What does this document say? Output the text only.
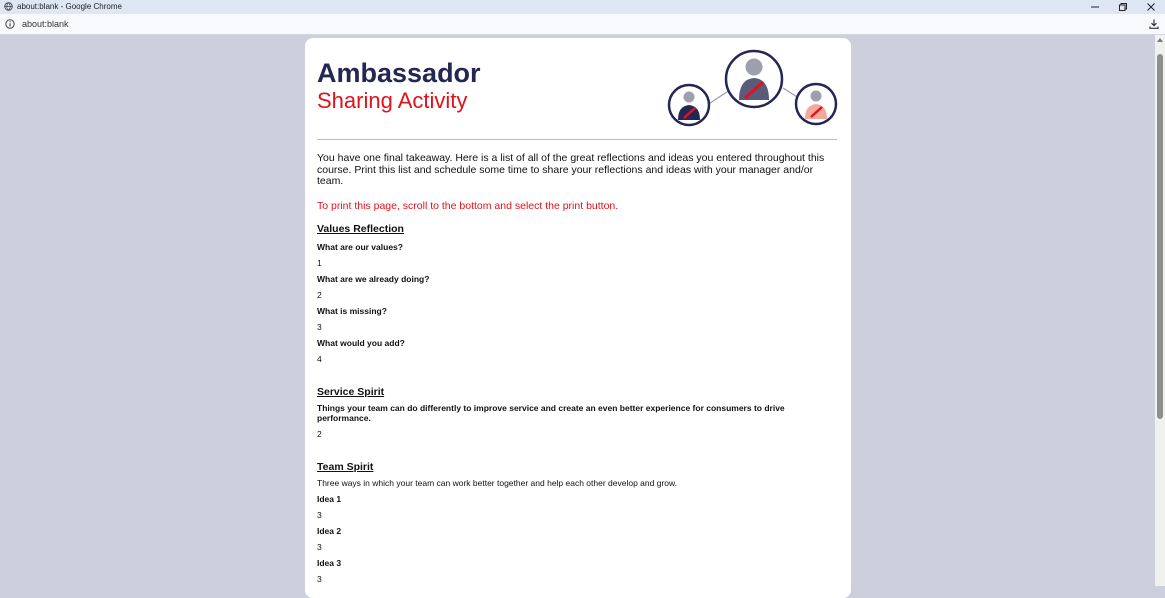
about:blank - Google Chrome
about:blank
Ambassador
Sharing Activity

You have one final takeaway. Here is a list of all of the great reflections and ideas you entered throughout this course. Print this list and schedule some time to share your reflections and ideas with your manager and/or team.

To print this page, scroll to the bottom and select the print button.

Values Reflection

What are our values?

1

What are we already doing?

2

What is missing?

3

What would you add?

4

Service Spirit

Things your team can do differently to improve service and create an even better experience for consumers to drive performance.

2

Team Spirit

Three ways in which your team can work better together and help each other develop and grow.

Idea 1

3

Idea 2

3

Idea 3

3
